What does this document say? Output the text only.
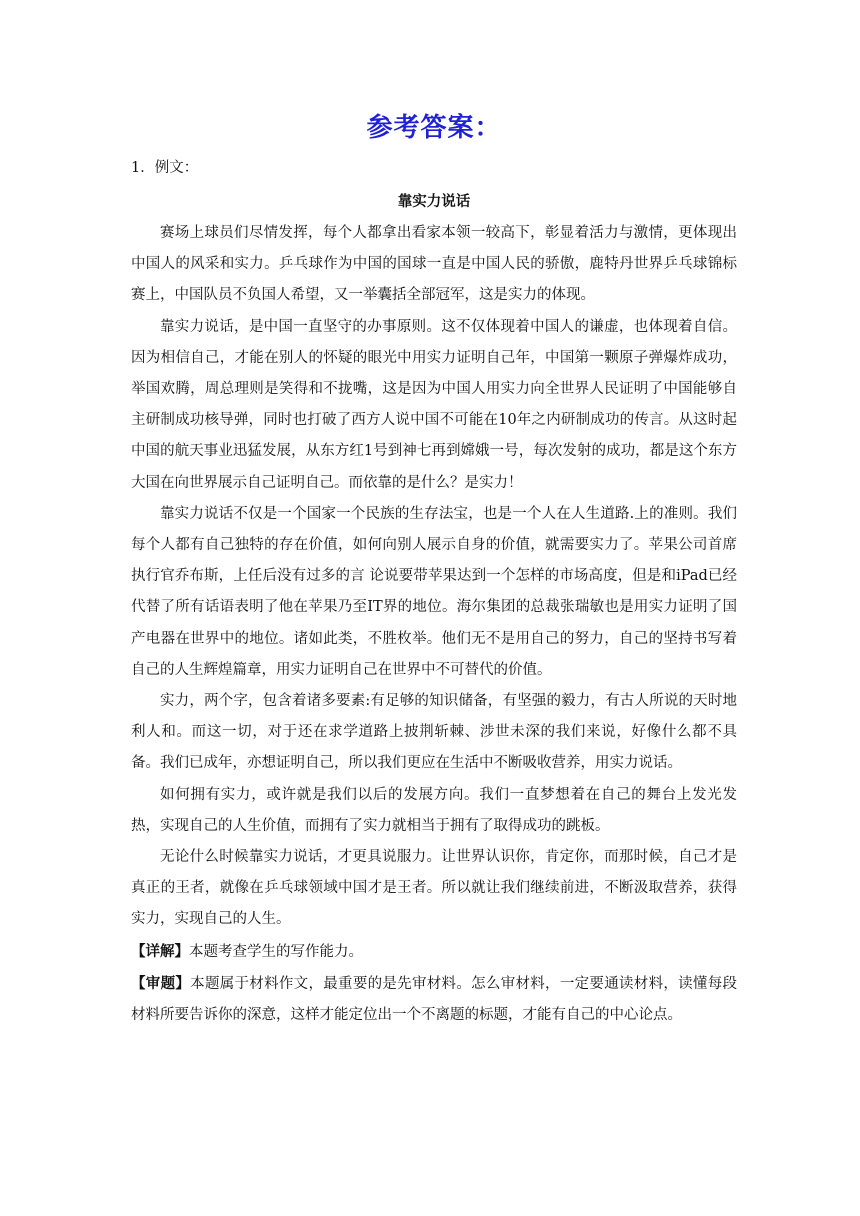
参考答案：

1．例文：

靠实力说话

赛场上球员们尽情发挥，每个人都拿出看家本领一较高下，彰显着活力与激情，更体现出中国人的风采和实力。乒乓球作为中国的国球一直是中国人民的骄傲，鹿特丹世界乒乓球锦标赛上，中国队员不负国人希望，又一举囊括全部冠军，这是实力的体现。

靠实力说话，是中国一直坚守的办事原则。这不仅体现着中国人的谦虚，也体现着自信。因为相信自己，才能在别人的怀疑的眼光中用实力证明自己年，中国第一颗原子弹爆炸成功，举国欢腾，周总理则是笑得和不拢嘴，这是因为中国人用实力向全世界人民证明了中国能够自主研制成功核导弹，同时也打破了西方人说中国不可能在10年之内研制成功的传言。从这时起中国的航天事业迅猛发展，从东方红1号到神七再到嫦娥一号，每次发射的成功，都是这个东方大国在向世界展示自己证明自己。而依靠的是什么？是实力！

靠实力说话不仅是一个国家一个民族的生存法宝，也是一个人在人生道路.上的准则。我们每个人都有自己独特的存在价值，如何向别人展示自身的价值，就需要实力了。苹果公司首席执行官乔布斯，上任后没有过多的言 论说要带苹果达到一个怎样的市场高度，但是和iPad已经代替了所有话语表明了他在苹果乃至IT界的地位。海尔集团的总裁张瑞敏也是用实力证明了国产电器在世界中的地位。诸如此类，不胜枚举。他们无不是用自己的努力，自己的坚持书写着自己的人生辉煌篇章，用实力证明自己在世界中不可替代的价值。

实力，两个字，包含着诸多要素:有足够的知识储备，有坚强的毅力，有古人所说的天时地利人和。而这一切，对于还在求学道路上披荆斩棘、涉世未深的我们来说，好像什么都不具备。我们已成年，亦想证明自己，所以我们更应在生活中不断吸收营养，用实力说话。

如何拥有实力，或许就是我们以后的发展方向。我们一直梦想着在自己的舞台上发光发热，实现自己的人生价值，而拥有了实力就相当于拥有了取得成功的跳板。

无论什么时候靠实力说话，才更具说服力。让世界认识你，肯定你，而那时候，自己才是真正的王者，就像在乒乓球领域中国才是王者。所以就让我们继续前进，不断汲取营养，获得实力，实现自己的人生。

【详解】本题考查学生的写作能力。

【审题】本题属于材料作文，最重要的是先审材料。怎么审材料，一定要通读材料，读懂每段材料所要告诉你的深意，这样才能定位出一个不离题的标题，才能有自己的中心论点。
